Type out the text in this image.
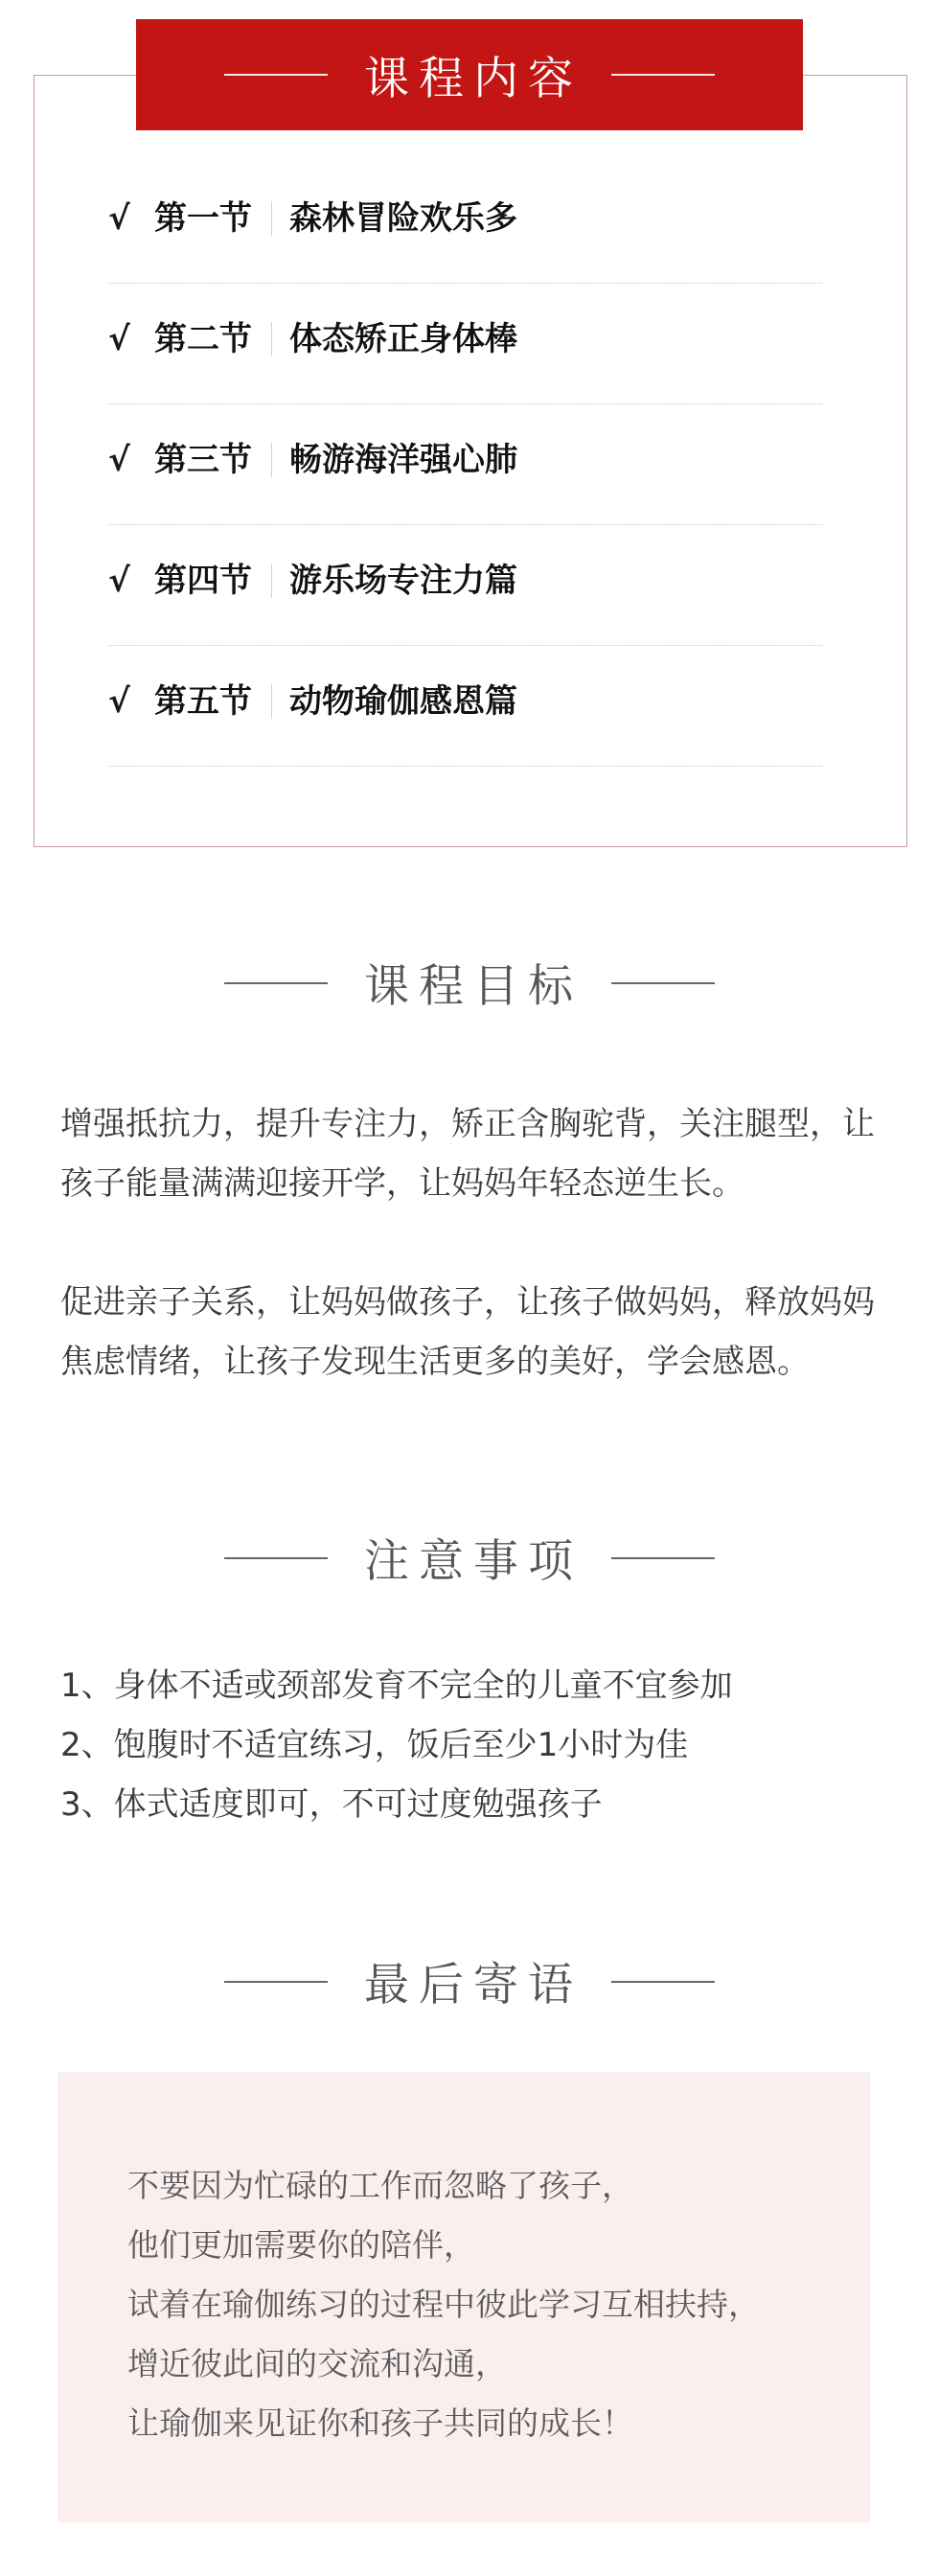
课程内容
√ 第一节 森林冒险欢乐多
√ 第二节 体态矫正身体棒
√ 第三节 畅游海洋强心肺
√ 第四节 游乐场专注力篇
√ 第五节 动物瑜伽感恩篇
课程目标

增强抵抗力，提升专注力，矫正含胸驼背，关注腿型，让孩子能量满满迎接开学，让妈妈年轻态逆生长。

促进亲子关系，让妈妈做孩子，让孩子做妈妈，释放妈妈焦虑情绪，让孩子发现生活更多的美好，学会感恩。

注意事项
1、身体不适或颈部发育不完全的儿童不宜参加
2、饱腹时不适宜练习，饭后至少1小时为佳
3、体式适度即可，不可过度勉强孩子
最后寄语
不要因为忙碌的工作而忽略了孩子，
他们更加需要你的陪伴，
试着在瑜伽练习的过程中彼此学习互相扶持，
增近彼此间的交流和沟通，
让瑜伽来见证你和孩子共同的成长！
